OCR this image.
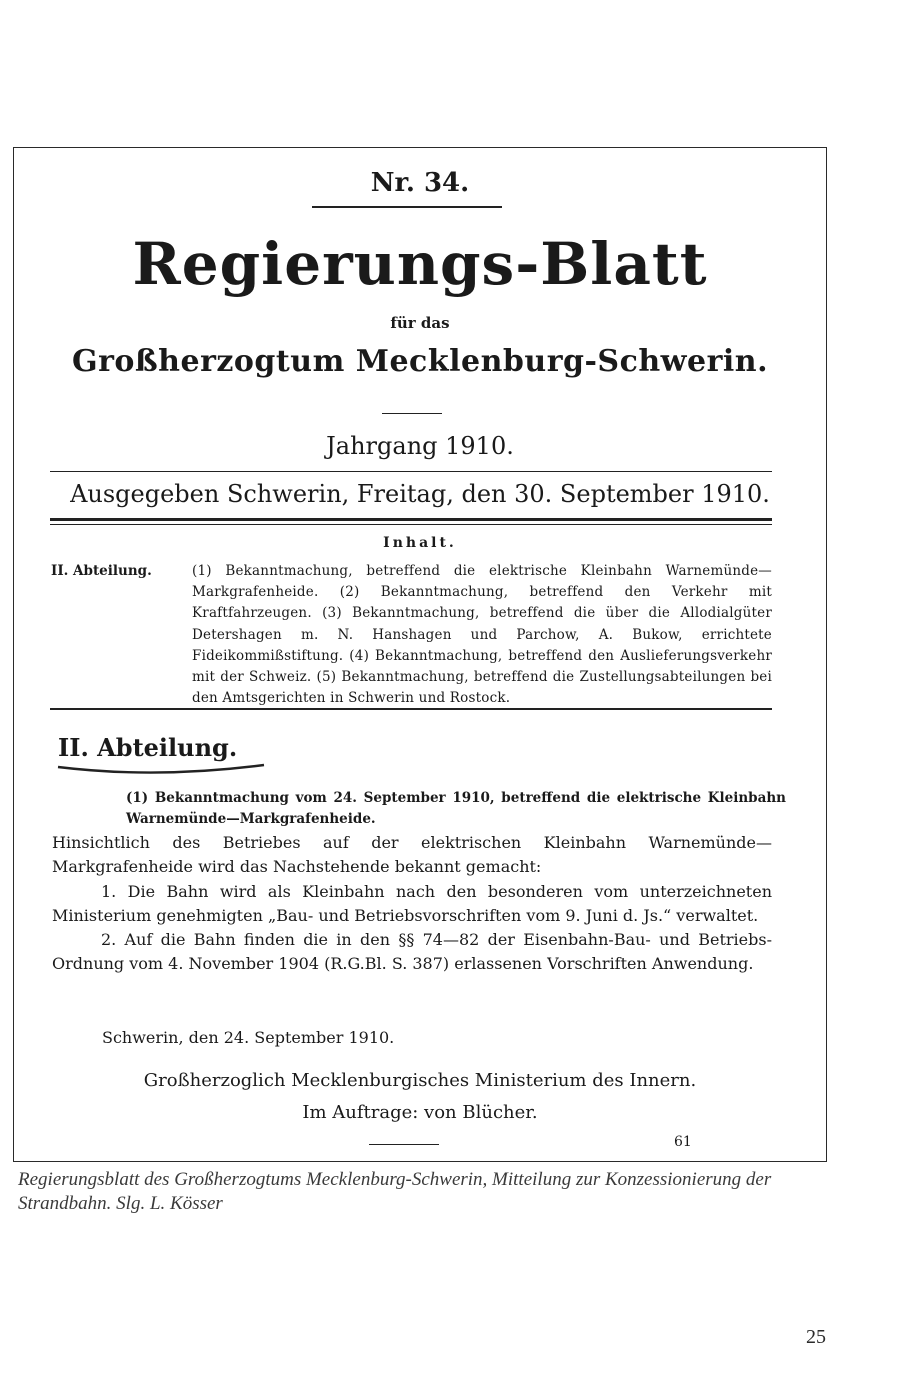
Nr. 34.
Regierungs-Blatt
für das
Großherzogtum Mecklenburg-Schwerin.
Jahrgang 1910.
Ausgegeben Schwerin, Freitag, den 30. September 1910.
Inhalt.
II. Abteilung.	(1) Bekanntmachung, betreffend die elektrische Kleinbahn Warnemünde—Markgrafenheide. (2) Bekanntmachung, betreffend den Verkehr mit Kraftfahrzeugen. (3) Bekanntmachung, betreffend die über die Allodialgüter Detershagen m. N. Hanshagen und Parchow, A. Bukow, errichtete Fideikommißstiftung. (4) Bekanntmachung, betreffend den Auslieferungsverkehr mit der Schweiz. (5) Bekanntmachung, betreffend die Zustellungsabteilungen bei den Amtsgerichten in Schwerin und Rostock.
II. Abteilung.
(1) Bekanntmachung vom 24. September 1910, betreffend die elektrische Kleinbahn Warnemünde—Markgrafenheide.

Hinsichtlich des Betriebes auf der elektrischen Kleinbahn Warnemünde—Markgrafenheide wird das Nachstehende bekannt gemacht:

1. Die Bahn wird als Kleinbahn nach den besonderen vom unterzeichneten Ministerium genehmigten „Bau- und Betriebsvorschriften vom 9. Juni d. Js.“ verwaltet.

2. Auf die Bahn finden die in den §§ 74—82 der Eisenbahn-Bau- und Betriebs-Ordnung vom 4. November 1904 (R.G.Bl. S. 387) erlassenen Vorschriften Anwendung.

Schwerin, den 24. September 1910.
Großherzoglich Mecklenburgisches Ministerium des Innern.
Im Auftrage: von Blücher.
61
Regierungsblatt des Großherzogtums Mecklenburg-Schwerin, Mitteilung zur Konzessionierung der Strandbahn. Slg. L. Kösser
25
